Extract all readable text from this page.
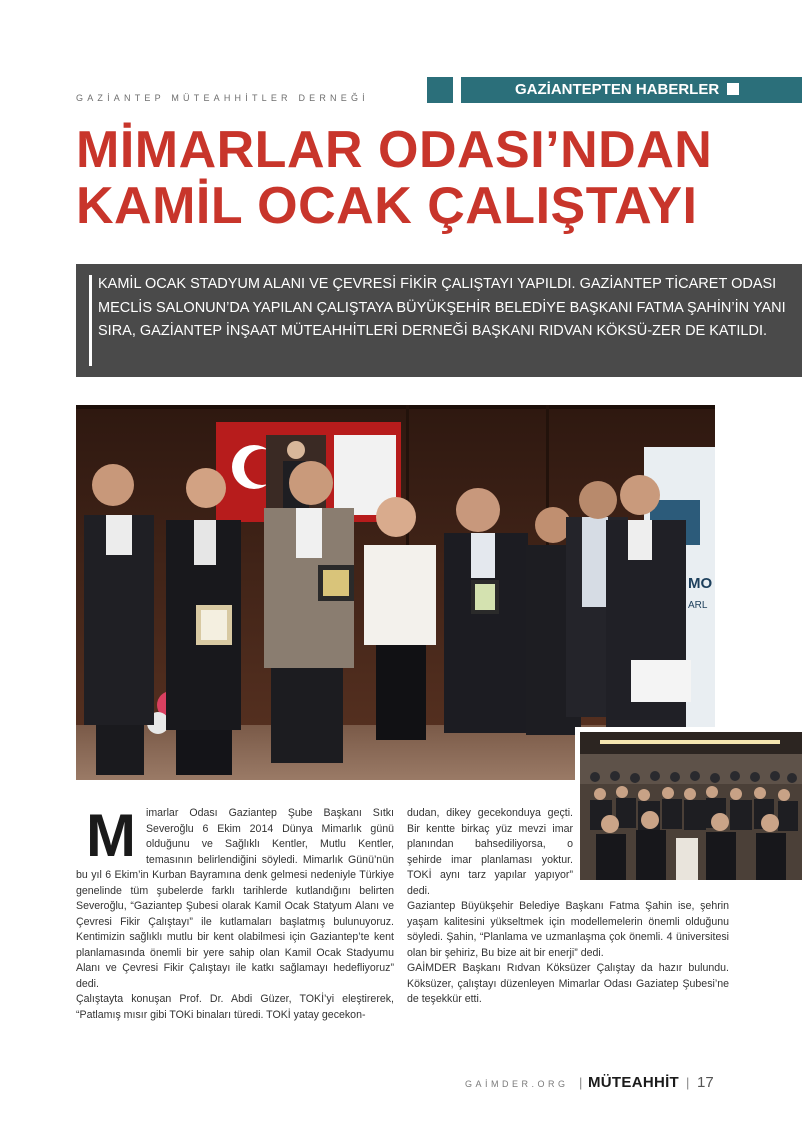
GAZİANTEP MÜTEAHHİTLER DERNEĞİ	GAZİANTEPTEN HABERLER
MİMARLAR ODASI’NDAN
KAMİL OCAK ÇALIŞTAYI
KAMİL OCAK STADYUM ALANI VE ÇEVRESİ FİKİR ÇALIŞTAYI YAPILDI. GAZİANTEP TİCARET ODASI MECLİS SALONUN’DA YAPILAN ÇALIŞTAYA BÜYÜKŞEHİR BELEDİYE BAŞKANI FATMA ŞAHİN’İN YANI SIRA, GAZİANTEP İNŞAAT MÜTEAHHİTLERİ DERNEĞİ BAŞKANI RIDVAN KÖKSÜ-ZER DE KATILDI.
MO
ARL

Mimarlar Odası Gaziantep Şube Başkanı Sıtkı Severoğlu 6 Ekim 2014 Dünya Mimarlık günü olduğunu ve Sağlıklı Kentler, Mutlu Kentler, temasının belirlendiğini söyledi. Mimarlık Günü’nün bu yıl 6 Ekim’in Kurban Bayramına denk gelmesi nedeniyle Türkiye genelinde tüm şubelerde farklı tarihlerde kutlandığını belirten Severoğlu, “Gaziantep Şubesi olarak Kamil Ocak Statyum Alanı ve Çevresi Fikir Çalıştayı” ile kutlamaları başlatmış bulunuyoruz. Kentimizin sağlıklı mutlu bir kent olabilmesi için Gaziantep’te kent planlamasında önemli bir yere sahip olan Kamil Ocak Stadyumu Alanı ve Çevresi Fikir Çalıştayı ile katkı sağlamayı hedefliyoruz” dedi.

Çalıştayta konuşan Prof. Dr. Abdi Güzer, TOKİ’yi eleştirerek, “Patlamış mısır gibi TOKi binaları türedi. TOKİ yatay gecekon-

dudan, dikey gecekonduya geçti. Bir kentte birkaç yüz mevzi imar planından bahsediliyorsa, o şehirde imar planlaması yoktur. TOKİ aynı tarz yapılar yapıyor” dedi.

Gaziantep Büyükşehir Belediye Başkanı Fatma Şahin ise, şehrin yaşam kalitesini yükseltmek için modellemelerin önemli olduğunu söyledi. Şahin, “Planlama ve uzmanlaşma çok önemli. 4 üniversitesi olan bir şehiriz, Bu bize ait bir enerji” dedi.

GAİMDER Başkanı Rıdvan Köksüzer Çalıştay da hazır bulundu. Köksüzer, çalıştayı düzenleyen Mimarlar Odası Gaziatep Şubesi’ne de teşekkür etti.

GAİMDER.ORG | MÜTEAHHİT | 17
